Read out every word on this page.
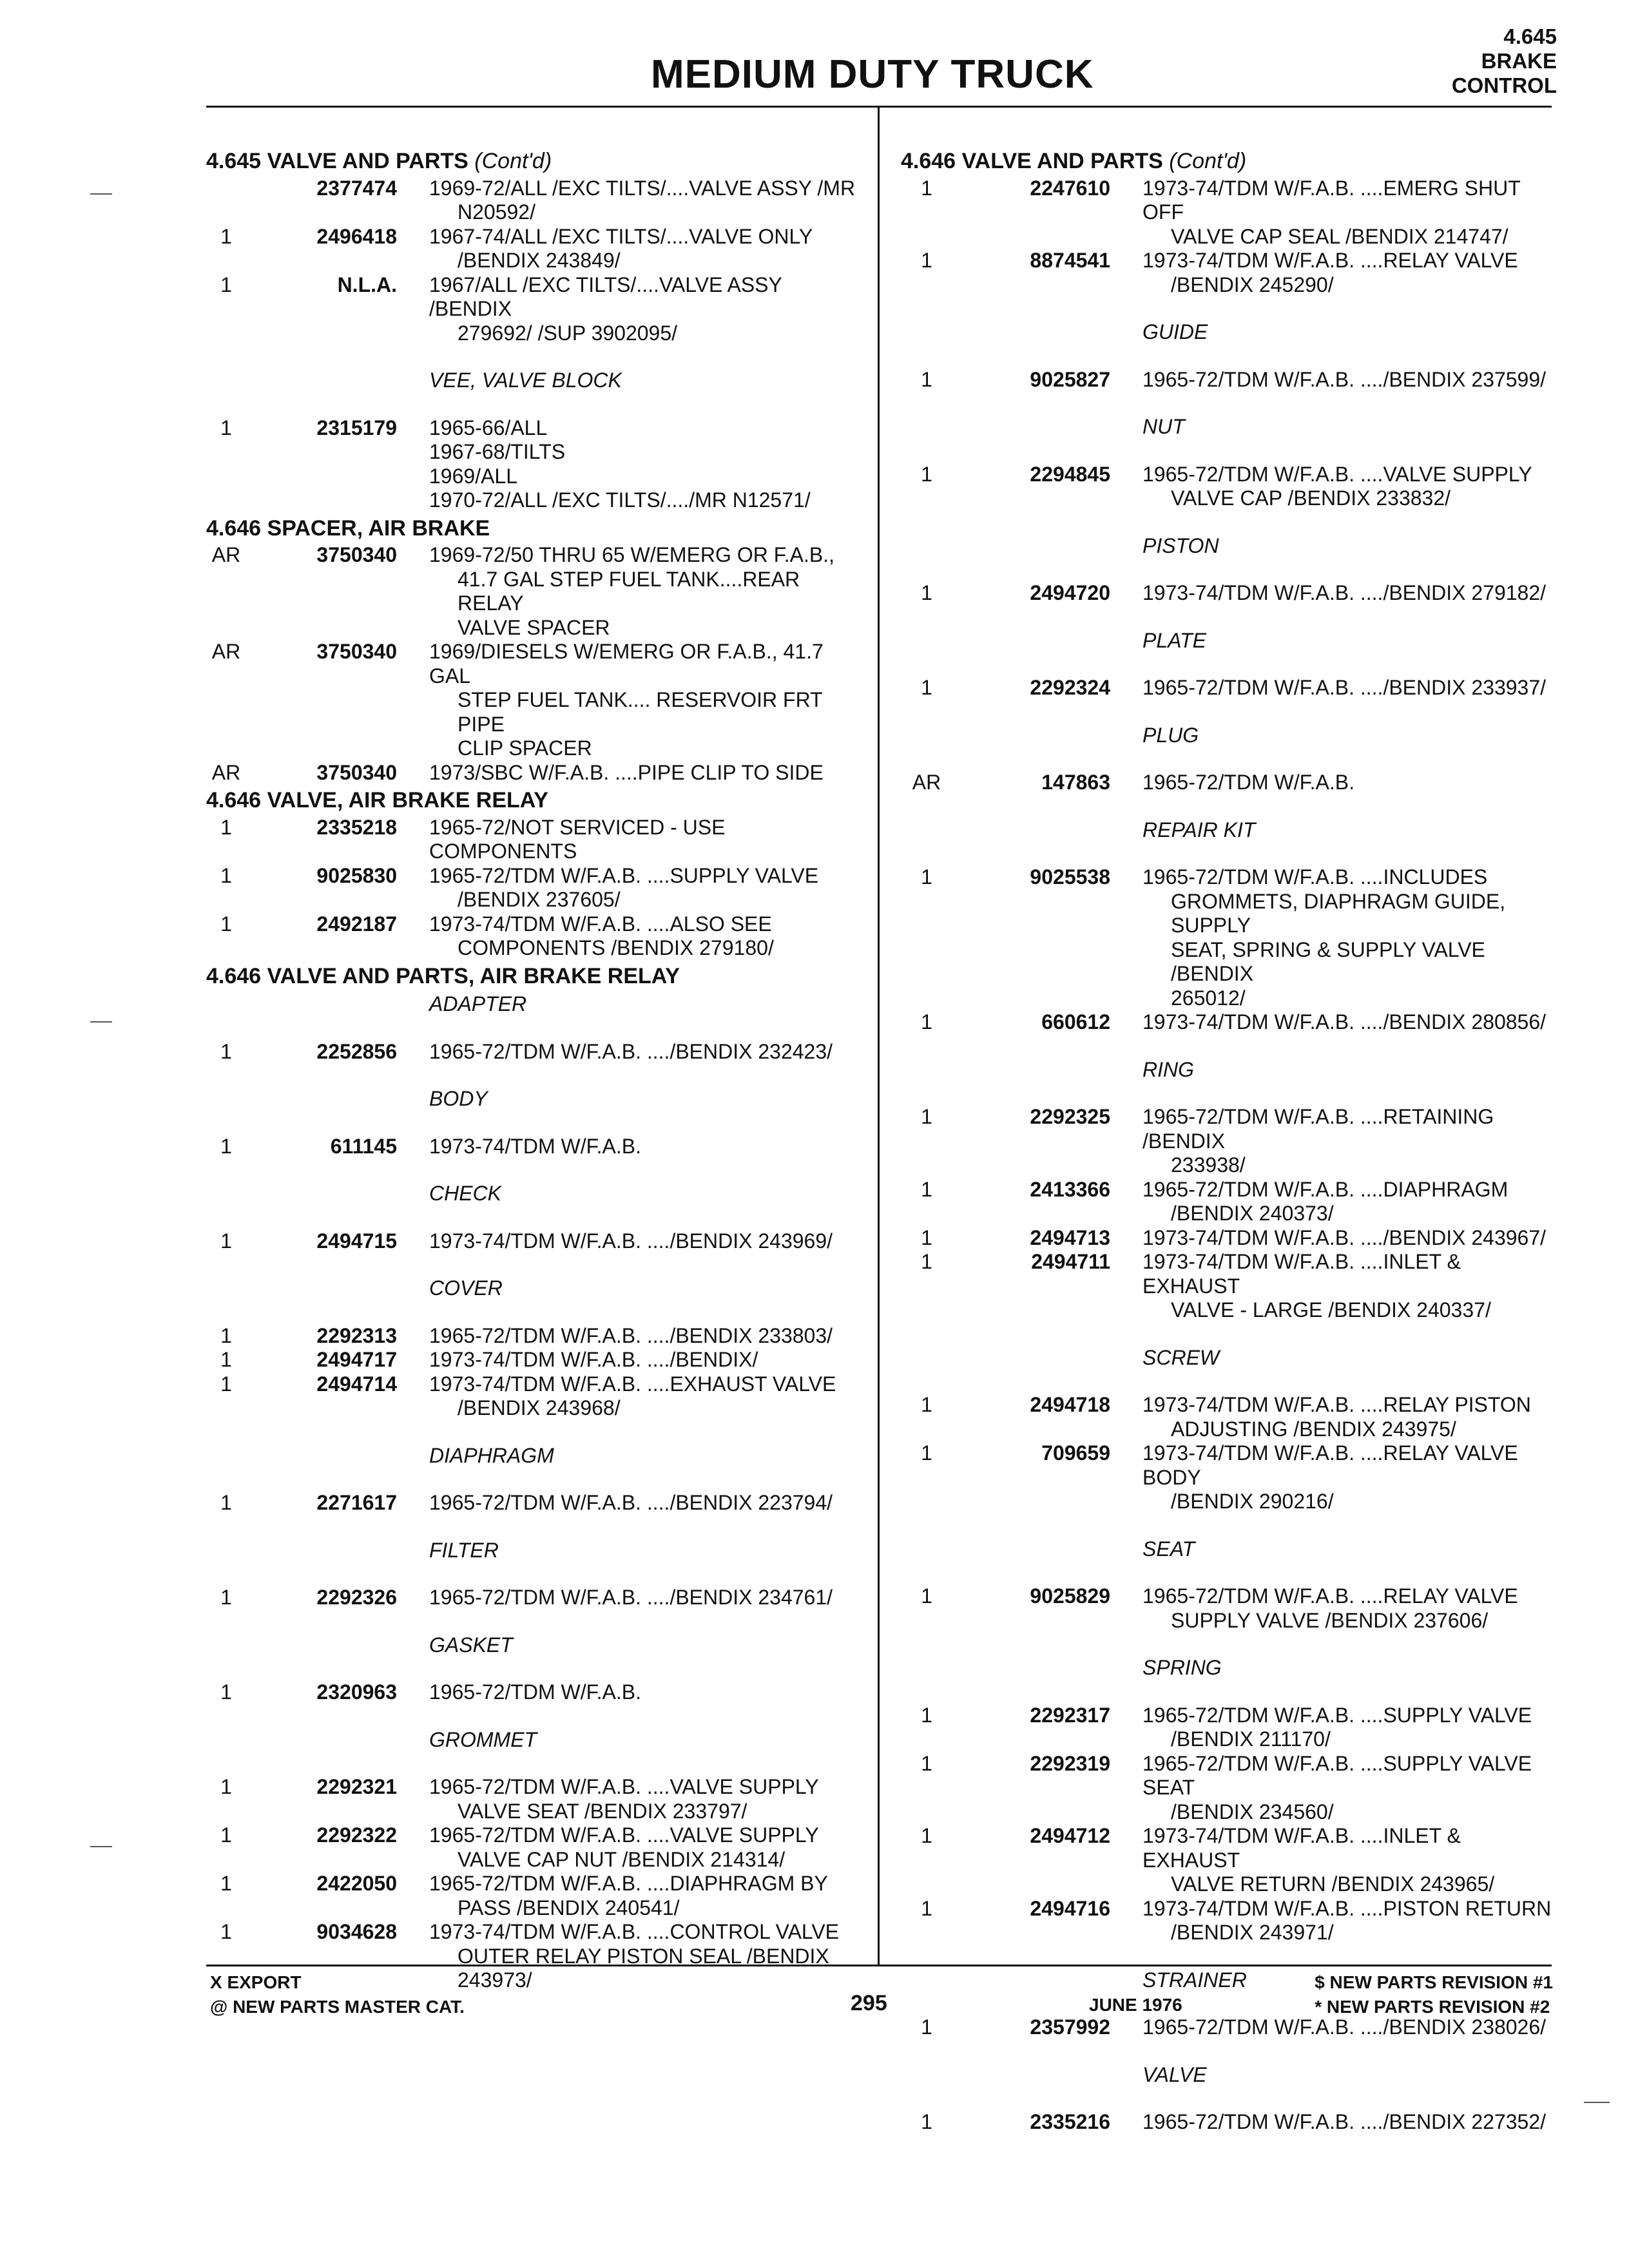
4.645
BRAKE
CONTROL
MEDIUM DUTY TRUCK
4.645 VALVE AND PARTS (Cont'd)
2377474	1969-72/ALL /EXC TILTS/....VALVE ASSY /MR
N20592/
1	2496418	1967-74/ALL /EXC TILTS/....VALVE ONLY
/BENDIX 243849/
1	N.L.A.	1967/ALL /EXC TILTS/....VALVE ASSY /BENDIX
279692/ /SUP 3902095/
VEE, VALVE BLOCK
1	2315179	1965-66/ALL
1967-68/TILTS
1969/ALL
1970-72/ALL /EXC TILTS/..../MR N12571/
4.646 SPACER, AIR BRAKE
AR	3750340	1969-72/50 THRU 65 W/EMERG OR F.A.B.,
41.7 GAL STEP FUEL TANK....REAR RELAY
VALVE SPACER
AR	3750340	1969/DIESELS W/EMERG OR F.A.B., 41.7 GAL
STEP FUEL TANK.... RESERVOIR FRT PIPE
CLIP SPACER
AR	3750340	1973/SBC W/F.A.B. ....PIPE CLIP TO SIDE
4.646 VALVE, AIR BRAKE RELAY
1	2335218	1965-72/NOT SERVICED - USE COMPONENTS
1	9025830	1965-72/TDM W/F.A.B. ....SUPPLY VALVE
/BENDIX 237605/
1	2492187	1973-74/TDM W/F.A.B. ....ALSO SEE
COMPONENTS /BENDIX 279180/
4.646 VALVE AND PARTS, AIR BRAKE RELAY
ADAPTER
1	2252856	1965-72/TDM W/F.A.B. ..../BENDIX 232423/
BODY
1	611145	1973-74/TDM W/F.A.B.
CHECK
1	2494715	1973-74/TDM W/F.A.B. ..../BENDIX 243969/
COVER
1	2292313	1965-72/TDM W/F.A.B. ..../BENDIX 233803/
1	2494717	1973-74/TDM W/F.A.B. ..../BENDIX/
1	2494714	1973-74/TDM W/F.A.B. ....EXHAUST VALVE
/BENDIX 243968/
DIAPHRAGM
1	2271617	1965-72/TDM W/F.A.B. ..../BENDIX 223794/
FILTER
1	2292326	1965-72/TDM W/F.A.B. ..../BENDIX 234761/
GASKET
1	2320963	1965-72/TDM W/F.A.B.
GROMMET
1	2292321	1965-72/TDM W/F.A.B. ....VALVE SUPPLY
VALVE SEAT /BENDIX 233797/
1	2292322	1965-72/TDM W/F.A.B. ....VALVE SUPPLY
VALVE CAP NUT /BENDIX 214314/
1	2422050	1965-72/TDM W/F.A.B. ....DIAPHRAGM BY
PASS /BENDIX 240541/
1	9034628	1973-74/TDM W/F.A.B. ....CONTROL VALVE
OUTER RELAY PISTON SEAL /BENDIX
243973/
4.646 VALVE AND PARTS (Cont'd)
1	2247610	1973-74/TDM W/F.A.B. ....EMERG SHUT OFF
VALVE CAP SEAL /BENDIX 214747/
1	8874541	1973-74/TDM W/F.A.B. ....RELAY VALVE
/BENDIX 245290/
GUIDE
1	9025827	1965-72/TDM W/F.A.B. ..../BENDIX 237599/
NUT
1	2294845	1965-72/TDM W/F.A.B. ....VALVE SUPPLY
VALVE CAP /BENDIX 233832/
PISTON
1	2494720	1973-74/TDM W/F.A.B. ..../BENDIX 279182/
PLATE
1	2292324	1965-72/TDM W/F.A.B. ..../BENDIX 233937/
PLUG
AR	147863	1965-72/TDM W/F.A.B.
REPAIR KIT
1	9025538	1965-72/TDM W/F.A.B. ....INCLUDES
GROMMETS, DIAPHRAGM GUIDE, SUPPLY
SEAT, SPRING & SUPPLY VALVE /BENDIX
265012/
1	660612	1973-74/TDM W/F.A.B. ..../BENDIX 280856/
RING
1	2292325	1965-72/TDM W/F.A.B. ....RETAINING /BENDIX
233938/
1	2413366	1965-72/TDM W/F.A.B. ....DIAPHRAGM
/BENDIX 240373/
1	2494713	1973-74/TDM W/F.A.B. ..../BENDIX 243967/
1	2494711	1973-74/TDM W/F.A.B. ....INLET & EXHAUST
VALVE - LARGE /BENDIX 240337/
SCREW
1	2494718	1973-74/TDM W/F.A.B. ....RELAY PISTON
ADJUSTING /BENDIX 243975/
1	709659	1973-74/TDM W/F.A.B. ....RELAY VALVE BODY
/BENDIX 290216/
SEAT
1	9025829	1965-72/TDM W/F.A.B. ....RELAY VALVE
SUPPLY VALVE /BENDIX 237606/
SPRING
1	2292317	1965-72/TDM W/F.A.B. ....SUPPLY VALVE
/BENDIX 211170/
1	2292319	1965-72/TDM W/F.A.B. ....SUPPLY VALVE SEAT
/BENDIX 234560/
1	2494712	1973-74/TDM W/F.A.B. ....INLET & EXHAUST
VALVE RETURN /BENDIX 243965/
1	2494716	1973-74/TDM W/F.A.B. ....PISTON RETURN
/BENDIX 243971/
STRAINER
1	2357992	1965-72/TDM W/F.A.B. ..../BENDIX 238026/
VALVE
1	2335216	1965-72/TDM W/F.A.B. ..../BENDIX 227352/
X EXPORT
@ NEW PARTS MASTER CAT.	295	JUNE 1976
$ NEW PARTS REVISION #1
* NEW PARTS REVISION #2
